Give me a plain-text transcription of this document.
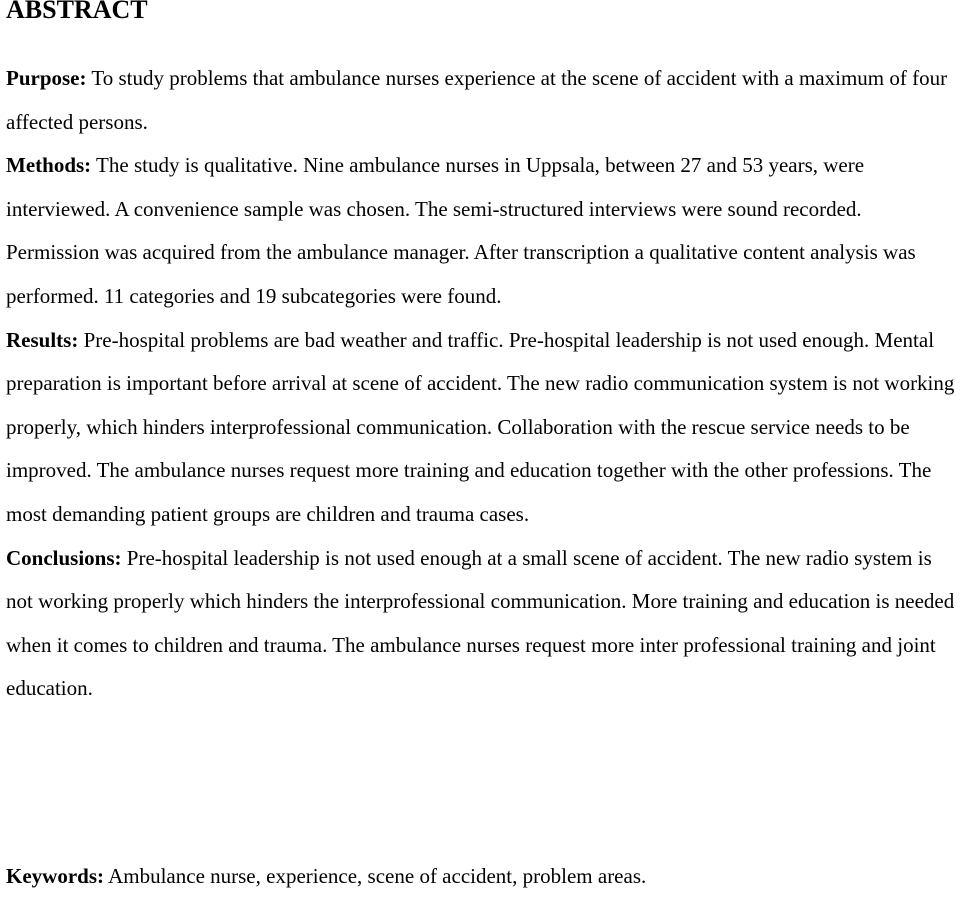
ABSTRACT

Purpose: To study problems that ambulance nurses experience at the scene of accident with a maximum of four affected persons.

Methods: The study is qualitative. Nine ambulance nurses in Uppsala, between 27 and 53 years, were interviewed. A convenience sample was chosen. The semi-structured interviews were sound recorded. Permission was acquired from the ambulance manager. After transcription a qualitative content analysis was performed. 11 categories and 19 subcategories were found.

Results: Pre-hospital problems are bad weather and traffic. Pre-hospital leadership is not used enough. Mental preparation is important before arrival at scene of accident. The new radio communication system is not working properly, which hinders interprofessional communication. Collaboration with the rescue service needs to be improved. The ambulance nurses request more training and education together with the other professions. The most demanding patient groups are children and trauma cases.

Conclusions: Pre-hospital leadership is not used enough at a small scene of accident. The new radio system is not working properly which hinders the interprofessional communication. More training and education is needed when it comes to children and trauma. The ambulance nurses request more inter professional training and joint education.

Keywords: Ambulance nurse, experience, scene of accident, problem areas.
